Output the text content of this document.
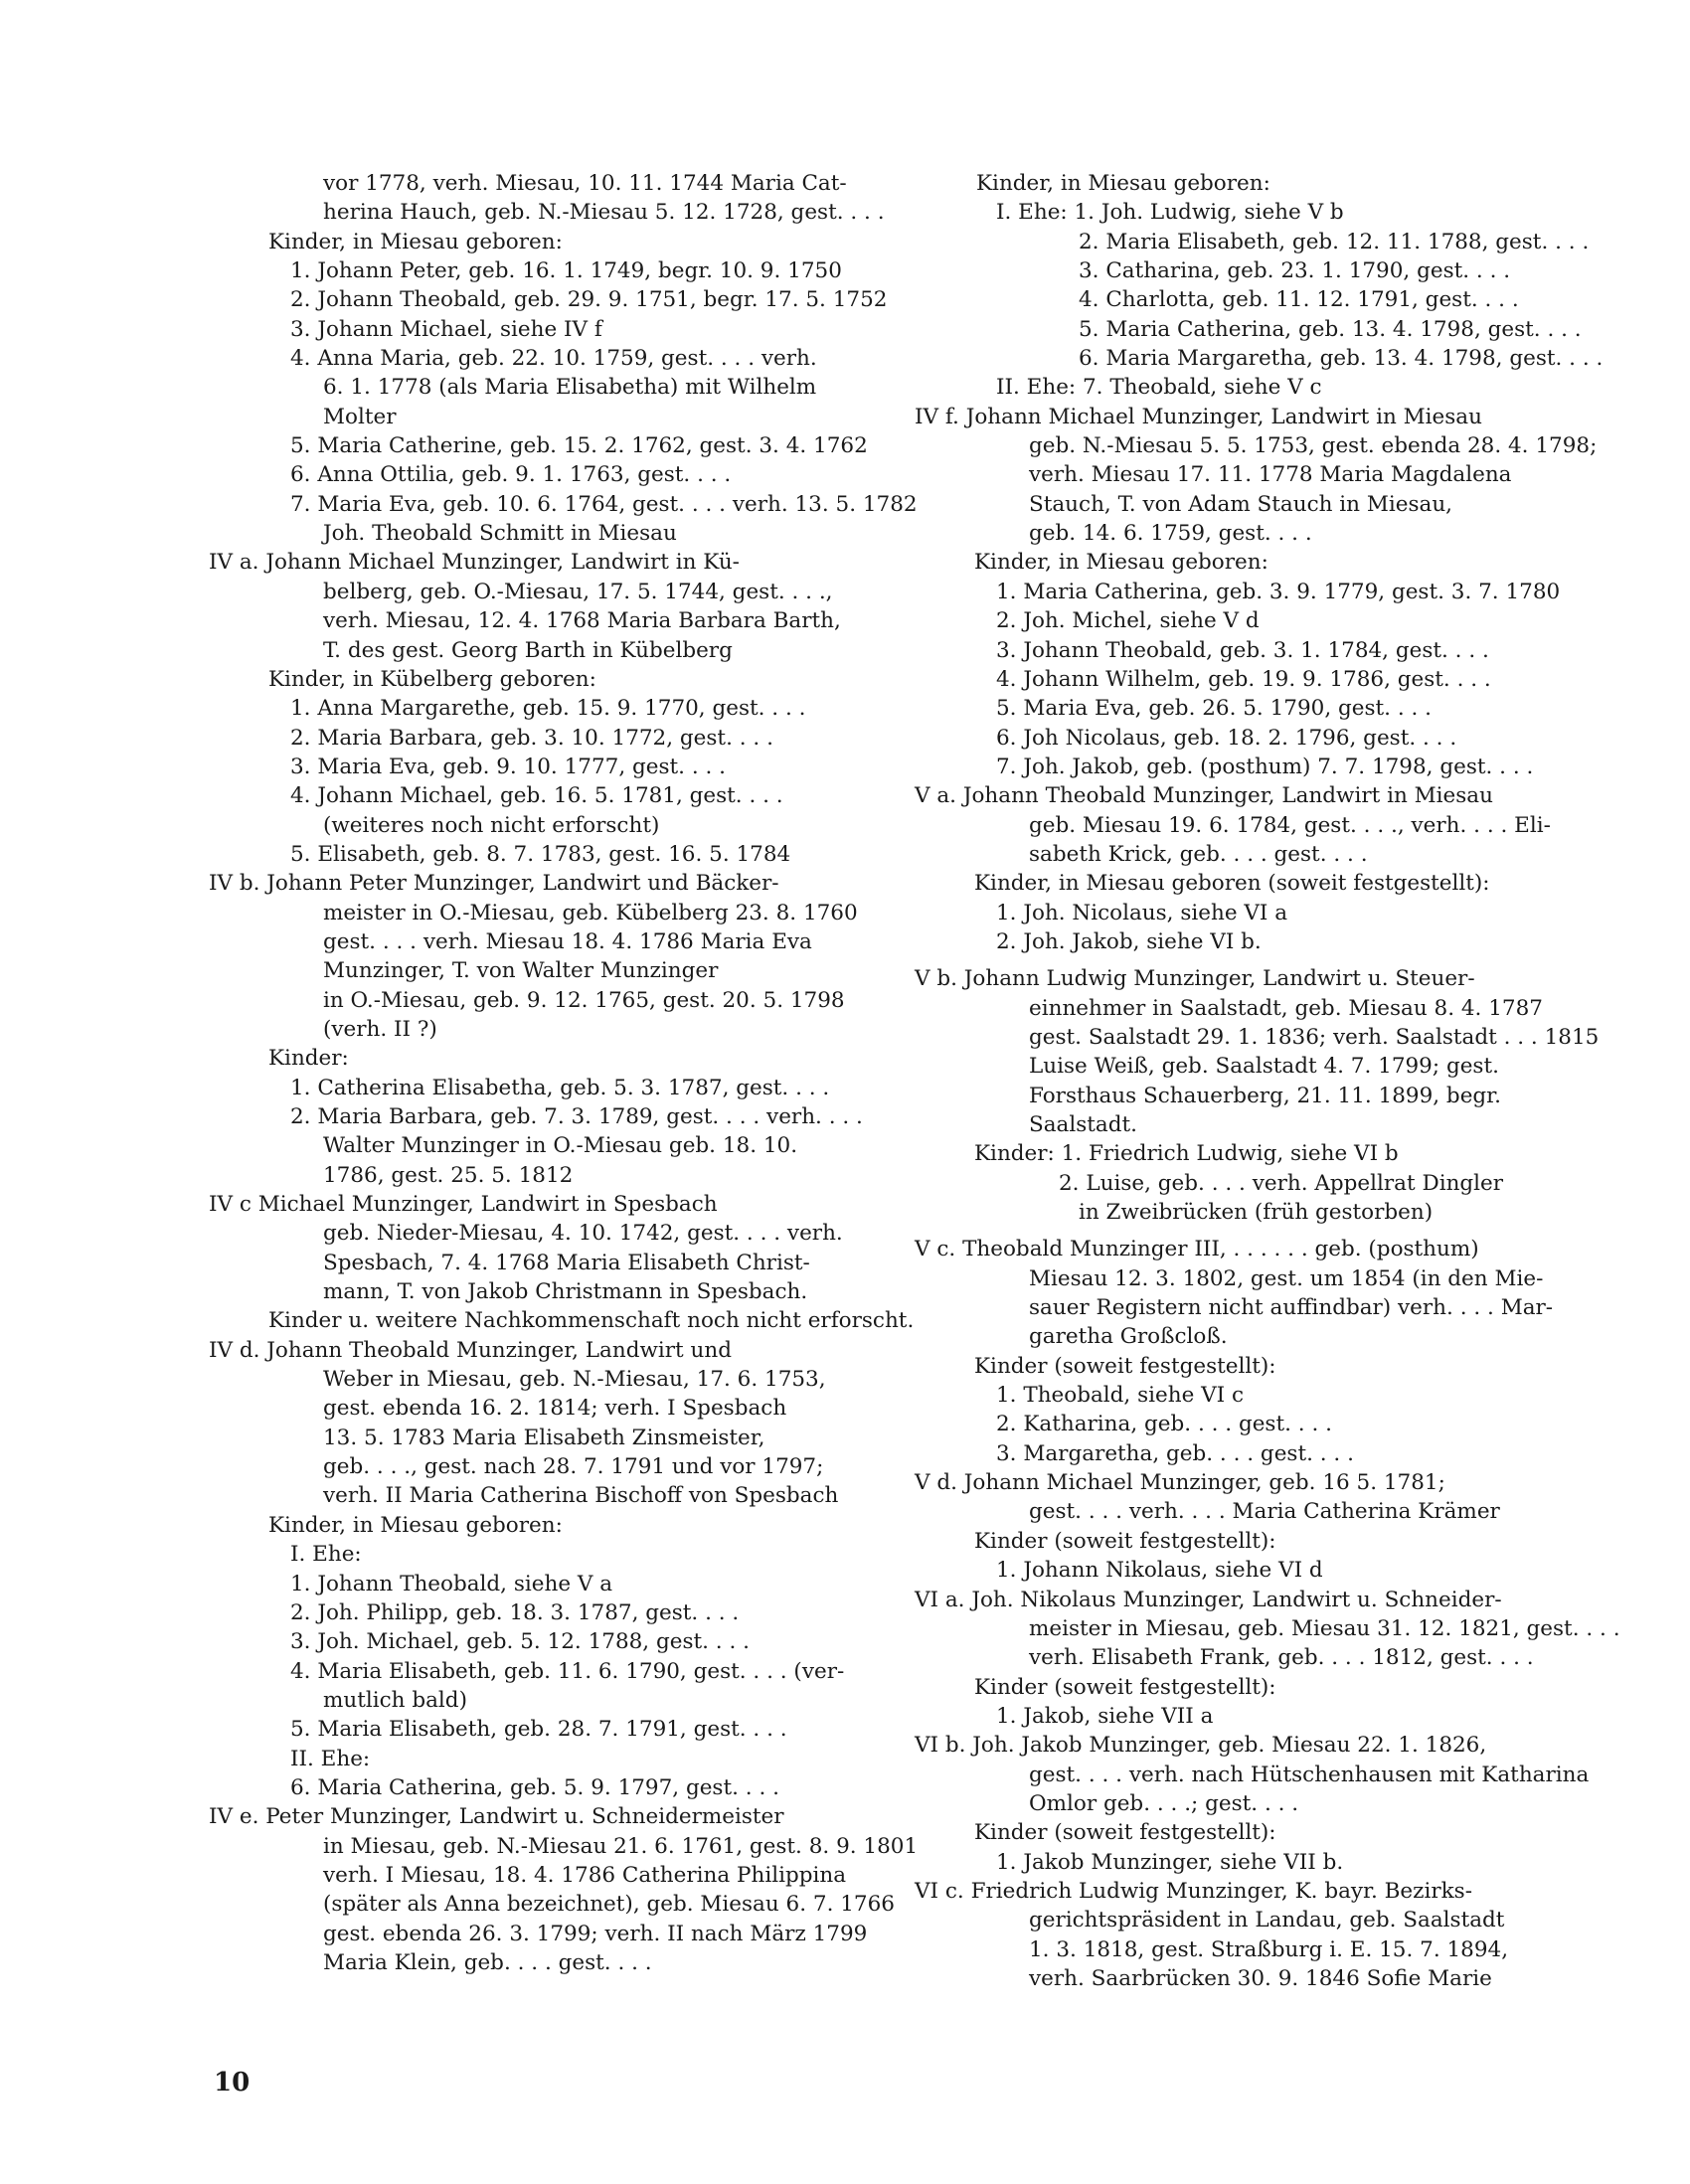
vor 1778, verh. Miesau, 10. 11. 1744 Maria Cat-
herina Hauch, geb. N.-Miesau 5. 12. 1728, gest. . . .
Kinder, in Miesau geboren:
1. Johann Peter, geb. 16. 1. 1749, begr. 10. 9. 1750
2. Johann Theobald, geb. 29. 9. 1751, begr. 17. 5. 1752
3. Johann Michael, siehe IV f
4. Anna Maria, geb. 22. 10. 1759, gest. . . . verh.
6. 1. 1778 (als Maria Elisabetha) mit Wilhelm
Molter
5. Maria Catherine, geb. 15. 2. 1762, gest. 3. 4. 1762
6. Anna Ottilia, geb. 9. 1. 1763, gest. . . .
7. Maria Eva, geb. 10. 6. 1764, gest. . . . verh. 13. 5. 1782
Joh. Theobald Schmitt in Miesau
IV a. Johann Michael Munzinger, Landwirt in Kü-
belberg, geb. O.-Miesau, 17. 5. 1744, gest. . . .,
verh. Miesau, 12. 4. 1768 Maria Barbara Barth,
T. des gest. Georg Barth in Kübelberg
Kinder, in Kübelberg geboren:
1. Anna Margarethe, geb. 15. 9. 1770, gest. . . .
2. Maria Barbara, geb. 3. 10. 1772, gest. . . .
3. Maria Eva, geb. 9. 10. 1777, gest. . . .
4. Johann Michael, geb. 16. 5. 1781, gest. . . .
(weiteres noch nicht erforscht)
5. Elisabeth, geb. 8. 7. 1783, gest. 16. 5. 1784
IV b. Johann Peter Munzinger, Landwirt und Bäcker-
meister in O.-Miesau, geb. Kübelberg 23. 8. 1760
gest. . . . verh. Miesau 18. 4. 1786 Maria Eva
Munzinger, T. von Walter Munzinger
in O.-Miesau, geb. 9. 12. 1765, gest. 20. 5. 1798
(verh. II ?)
Kinder:
1. Catherina Elisabetha, geb. 5. 3. 1787, gest. . . .
2. Maria Barbara, geb. 7. 3. 1789, gest. . . . verh. . . .
Walter Munzinger in O.-Miesau geb. 18. 10.
1786, gest. 25. 5. 1812
IV c Michael Munzinger, Landwirt in Spesbach
geb. Nieder-Miesau, 4. 10. 1742, gest. . . . verh.
Spesbach, 7. 4. 1768 Maria Elisabeth Christ-
mann, T. von Jakob Christmann in Spesbach.
Kinder u. weitere Nachkommenschaft noch nicht erforscht.
IV d. Johann Theobald Munzinger, Landwirt und
Weber in Miesau, geb. N.-Miesau, 17. 6. 1753,
gest. ebenda 16. 2. 1814; verh. I Spesbach
13. 5. 1783 Maria Elisabeth Zinsmeister,
geb. . . ., gest. nach 28. 7. 1791 und vor 1797;
verh. II Maria Catherina Bischoff von Spesbach
Kinder, in Miesau geboren:
I. Ehe:
1. Johann Theobald, siehe V a
2. Joh. Philipp, geb. 18. 3. 1787, gest. . . .
3. Joh. Michael, geb. 5. 12. 1788, gest. . . .
4. Maria Elisabeth, geb. 11. 6. 1790, gest. . . . (ver-
mutlich bald)
5. Maria Elisabeth, geb. 28. 7. 1791, gest. . . .
II. Ehe:
6. Maria Catherina, geb. 5. 9. 1797, gest. . . .
IV e. Peter Munzinger, Landwirt u. Schneidermeister
in Miesau, geb. N.-Miesau 21. 6. 1761, gest. 8. 9. 1801
verh. I Miesau, 18. 4. 1786 Catherina Philippina
(später als Anna bezeichnet), geb. Miesau 6. 7. 1766
gest. ebenda 26. 3. 1799; verh. II nach März 1799
Maria Klein, geb. . . . gest. . . .
Kinder, in Miesau geboren:
I. Ehe: 1. Joh. Ludwig, siehe V b
2. Maria Elisabeth, geb. 12. 11. 1788, gest. . . .
3. Catharina, geb. 23. 1. 1790, gest. . . .
4. Charlotta, geb. 11. 12. 1791, gest. . . .
5. Maria Catherina, geb. 13. 4. 1798, gest. . . .
6. Maria Margaretha, geb. 13. 4. 1798, gest. . . .
II. Ehe: 7. Theobald, siehe V c
IV f. Johann Michael Munzinger, Landwirt in Miesau
geb. N.-Miesau 5. 5. 1753, gest. ebenda 28. 4. 1798;
verh. Miesau 17. 11. 1778 Maria Magdalena
Stauch, T. von Adam Stauch in Miesau,
geb. 14. 6. 1759, gest. . . .
Kinder, in Miesau geboren:
1. Maria Catherina, geb. 3. 9. 1779, gest. 3. 7. 1780
2. Joh. Michel, siehe V d
3. Johann Theobald, geb. 3. 1. 1784, gest. . . .
4. Johann Wilhelm, geb. 19. 9. 1786, gest. . . .
5. Maria Eva, geb. 26. 5. 1790, gest. . . .
6. Joh Nicolaus, geb. 18. 2. 1796, gest. . . .
7. Joh. Jakob, geb. (posthum) 7. 7. 1798, gest. . . .
V a. Johann Theobald Munzinger, Landwirt in Miesau
geb. Miesau 19. 6. 1784, gest. . . ., verh. . . . Eli-
sabeth Krick, geb. . . . gest. . . .
Kinder, in Miesau geboren (soweit festgestellt):
1. Joh. Nicolaus, siehe VI a
2. Joh. Jakob, siehe VI b.
V b. Johann Ludwig Munzinger, Landwirt u. Steuer-
einnehmer in Saalstadt, geb. Miesau 8. 4. 1787
gest. Saalstadt 29. 1. 1836; verh. Saalstadt . . . 1815
Luise Weiß, geb. Saalstadt 4. 7. 1799; gest.
Forsthaus Schauerberg, 21. 11. 1899, begr.
Saalstadt.
Kinder: 1. Friedrich Ludwig, siehe VI b
2. Luise, geb. . . . verh. Appellrat Dingler
in Zweibrücken (früh gestorben)
V c. Theobald Munzinger III, . . . . . . geb. (posthum)
Miesau 12. 3. 1802, gest. um 1854 (in den Mie-
sauer Registern nicht auffindbar) verh. . . . Mar-
garetha Großcloß.
Kinder (soweit festgestellt):
1. Theobald, siehe VI c
2. Katharina, geb. . . . gest. . . .
3. Margaretha, geb. . . . gest. . . .
V d. Johann Michael Munzinger, geb. 16 5. 1781;
gest. . . . verh. . . . Maria Catherina Krämer
Kinder (soweit festgestellt):
1. Johann Nikolaus, siehe VI d
VI a. Joh. Nikolaus Munzinger, Landwirt u. Schneider-
meister in Miesau, geb. Miesau 31. 12. 1821, gest. . . .
verh. Elisabeth Frank, geb. . . . 1812, gest. . . .
Kinder (soweit festgestellt):
1. Jakob, siehe VII a
VI b. Joh. Jakob Munzinger, geb. Miesau 22. 1. 1826,
gest. . . . verh. nach Hütschenhausen mit Katharina
Omlor geb. . . .; gest. . . .
Kinder (soweit festgestellt):
1. Jakob Munzinger, siehe VII b.
VI c. Friedrich Ludwig Munzinger, K. bayr. Bezirks-
gerichtspräsident in Landau, geb. Saalstadt
1. 3. 1818, gest. Straßburg i. E. 15. 7. 1894,
verh. Saarbrücken 30. 9. 1846 Sofie Marie
10
